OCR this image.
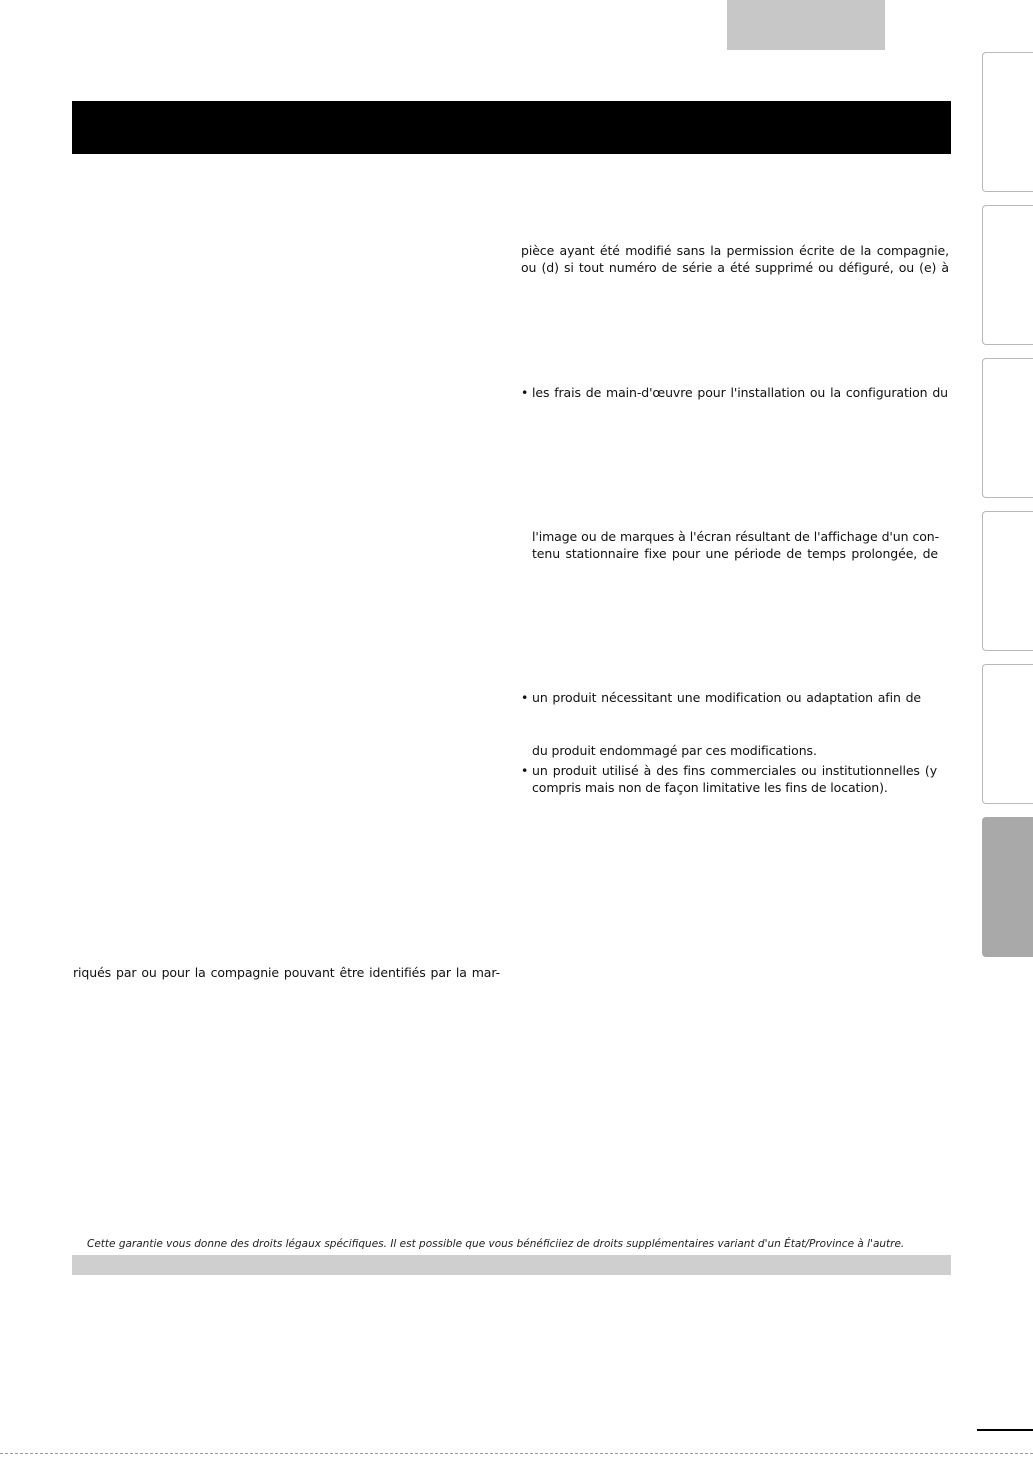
pièce ayant été modifié sans la permission écrite de la compagnie,
ou (d) si tout numéro de série a été supprimé ou défiguré, ou (e) à
• les frais de main-d'œuvre pour l'installation ou la configuration du
l'image ou de marques à l'écran résultant de l'affichage d'un con-
tenu stationnaire fixe pour une période de temps prolongée, de
• un produit nécessitant une modification ou adaptation afin de
du produit endommagé par ces modifications.
• un produit utilisé à des fins commerciales ou institutionnelles (y
compris mais non de façon limitative les fins de location).
riqués par ou pour la compagnie pouvant être identifiés par la mar-
Cette garantie vous donne des droits légaux spécifiques. Il est possible que vous bénéficiiez de droits supplémentaires variant d'un État/Province à l'autre.
